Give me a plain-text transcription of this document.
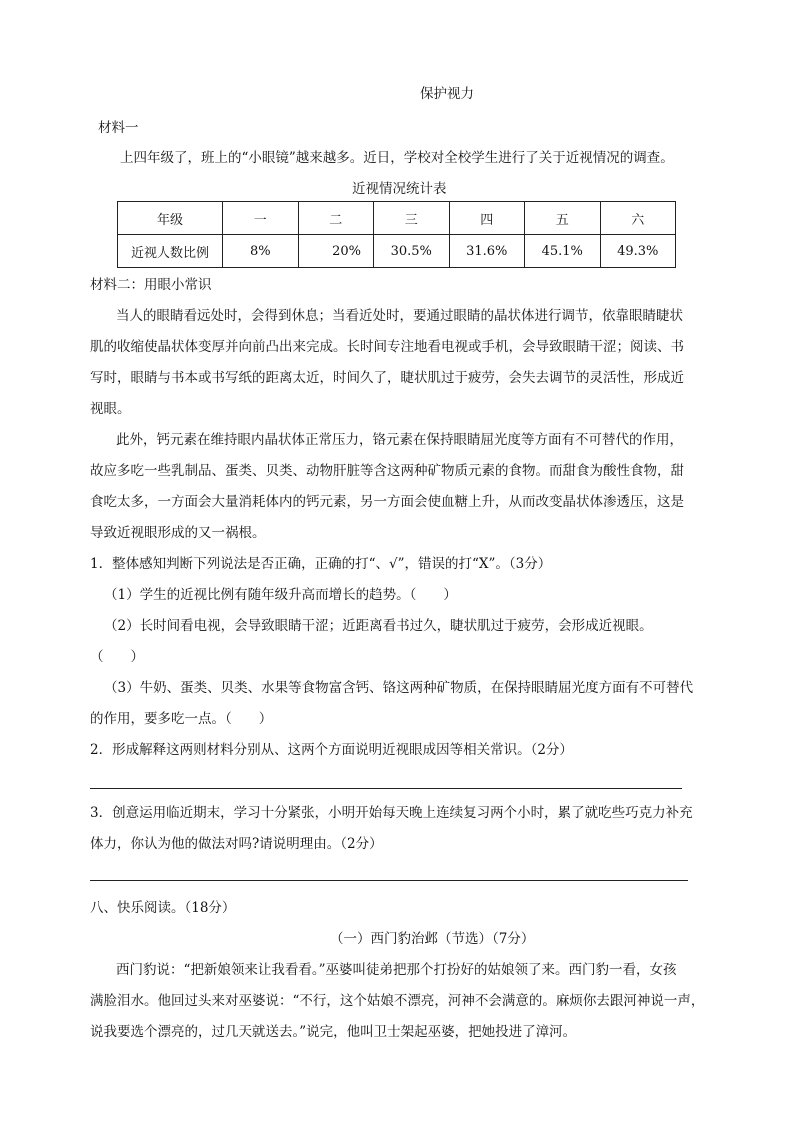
保护视力
材料一
上四年级了，班上的“小眼镜”越来越多。近日，学校对全校学生进行了关于近视情况的调查。
近视情况统计表
年级	一	二	三	四	五	六
近视人数比例	8%	20%	30.5%	31.6%	45.1%	49.3%
材料二：用眼小常识
当人的眼睛看远处时，会得到休息；当看近处时，要通过眼睛的晶状体进行调节，依靠眼睛睫状
肌的收缩使晶状体变厚并向前凸出来完成。长时间专注地看电视或手机，会导致眼睛干涩；阅读、书
写时，眼睛与书本或书写纸的距离太近，时间久了，睫状肌过于疲劳，会失去调节的灵活性，形成近
视眼。
此外，钙元素在维持眼内晶状体正常压力，铬元素在保持眼睛屈光度等方面有不可替代的作用，
故应多吃一些乳制品、蛋类、贝类、动物肝脏等含这两种矿物质元素的食物。而甜食为酸性食物，甜
食吃太多，一方面会大量消耗体内的钙元素，另一方面会使血糖上升，从而改变晶状体渗透压，这是
导致近视眼形成的又一祸根。
1．整体感知判断下列说法是否正确，正确的打“、√”，错误的打“X”。（3分）
（1）学生的近视比例有随年级升高而增长的趋势。（　　）
（2）长时间看电视，会导致眼睛干涩；近距离看书过久，睫状肌过于疲劳，会形成近视眼。
（　　）
（3）牛奶、蛋类、贝类、水果等食物富含钙、铬这两种矿物质，在保持眼睛屈光度方面有不可替代
的作用，要多吃一点。（　　）
2．形成解释这两则材料分别从、这两个方面说明近视眼成因等相关常识。（2分）
3．创意运用临近期末，学习十分紧张，小明开始每天晚上连续复习两个小时，累了就吃些巧克力补充
体力，你认为他的做法对吗?请说明理由。（2分）
八、快乐阅读。（18分）
（一）西门豹治邺（节选）（7分）
西门豹说：“把新娘领来让我看看。”巫婆叫徒弟把那个打扮好的姑娘领了来。西门豹一看，女孩
满脸泪水。他回过头来对巫婆说：“不行，这个姑娘不漂亮，河神不会满意的。麻烦你去跟河神说一声，
说我要选个漂亮的，过几天就送去。”说完，他叫卫士架起巫婆，把她投进了漳河。
